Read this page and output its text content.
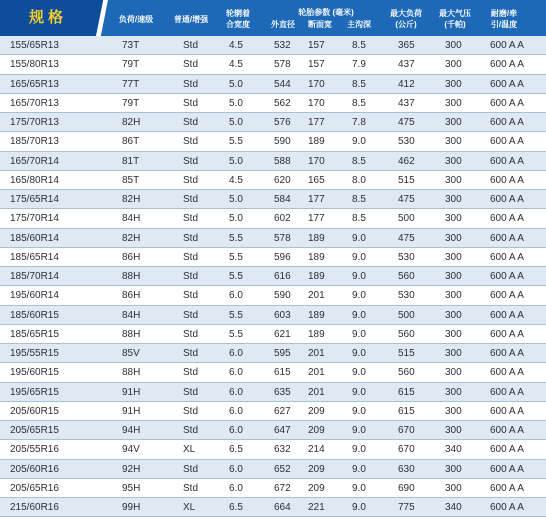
规格	负荷/速级	普通/增强
轮辋着
合宽度
轮胎参数 (毫米)
外直径	断面宽	主沟深
最大负荷
(公斤)
最大气压
(千帕)
耐磨/牵
引/温度
155/65R13	73T	Std	4.5	532 157	8.5	365	300	600 A A
155/80R13	79T	Std	4.5	578 157	7.9	437	300	600 A A
165/65R13	77T	Std	5.0	544 170	8.5	412	300	600 A A
165/70R13	79T	Std	5.0	562 170	8.5	437	300	600 A A
175/70R13	82H	Std	5.0	576 177	7.8	475	300	600 A A
185/70R13	86T	Std	5.5	590 189	9.0	530	300	600 A A
165/70R14	81T	Std	5.0	588 170	8.5	462	300	600 A A
165/80R14	85T	Std	4.5	620 165	8.0	515	300	600 A A
175/65R14	82H	Std	5.0	584 177	8.5	475	300	600 A A
175/70R14	84H	Std	5.0	602 177	8.5	500	300	600 A A
185/60R14	82H	Std	5.5	578 189	9.0	475	300	600 A A
185/65R14	86H	Std	5.5	596 189	9.0	530	300	600 A A
185/70R14	88H	Std	5.5	616 189	9.0	560	300	600 A A
195/60R14	86H	Std	6.0	590 201	9.0	530	300	600 A A
185/60R15	84H	Std	5.5	603 189	9.0	500	300	600 A A
185/65R15	88H	Std	5.5	621 189	9.0	560	300	600 A A
195/55R15	85V	Std	6.0	595 201	9.0	515	300	600 A A
195/60R15	88H	Std	6.0	615 201	9.0	560	300	600 A A
195/65R15	91H	Std	6.0	635 201	9.0	615	300	600 A A
205/60R15	91H	Std	6.0	627 209	9.0	615	300	600 A A
205/65R15	94H	Std	6.0	647 209	9.0	670	300	600 A A
205/55R16	94V	XL	6.5	632 214	9.0	670	340	600 A A
205/60R16	92H	Std	6.0	652 209	9.0	630	300	600 A A
205/65R16	95H	Std	6.0	672 209	9.0	690	300	600 A A
215/60R16	99H	XL	6.5	664 221	9.0	775	340	600 A A
